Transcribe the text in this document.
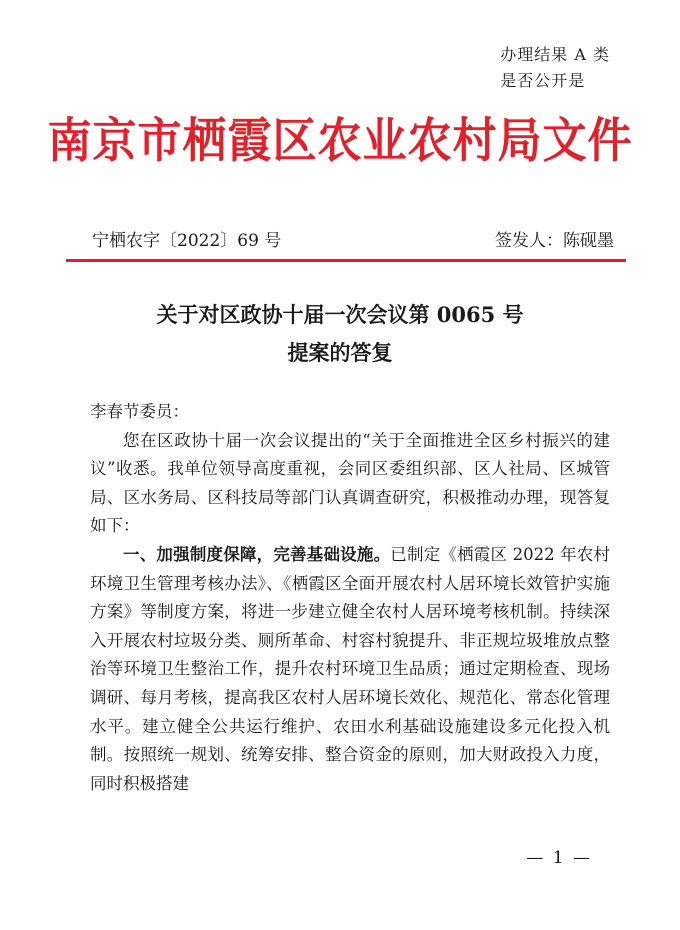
办理结果 A 类
是否公开是
南京市栖霞区农业农村局文件
宁栖农字〔2022〕69 号	签发人：陈砚墨
关于对区政协十届一次会议第 0065 号
提案的答复

李春节委员：

您在区政协十届一次会议提出的“关于全面推进全区乡村振兴的建议”收悉。我单位领导高度重视，会同区委组织部、区人社局、区城管局、区水务局、区科技局等部门认真调查研究，积极推动办理，现答复如下：

一、加强制度保障，完善基础设施。已制定《栖霞区 2022 年农村环境卫生管理考核办法》、《栖霞区全面开展农村人居环境长效管护实施方案》等制度方案，将进一步建立健全农村人居环境考核机制。持续深入开展农村垃圾分类、厕所革命、村容村貌提升、非正规垃圾堆放点整治等环境卫生整治工作，提升农村环境卫生品质；通过定期检查、现场调研、每月考核，提高我区农村人居环境长效化、规范化、常态化管理水平。建立健全公共运行维护、农田水利基础设施建设多元化投入机制。按照统一规划、统筹安排、整合资金的原则，加大财政投入力度，同时积极搭建

— 1 —
